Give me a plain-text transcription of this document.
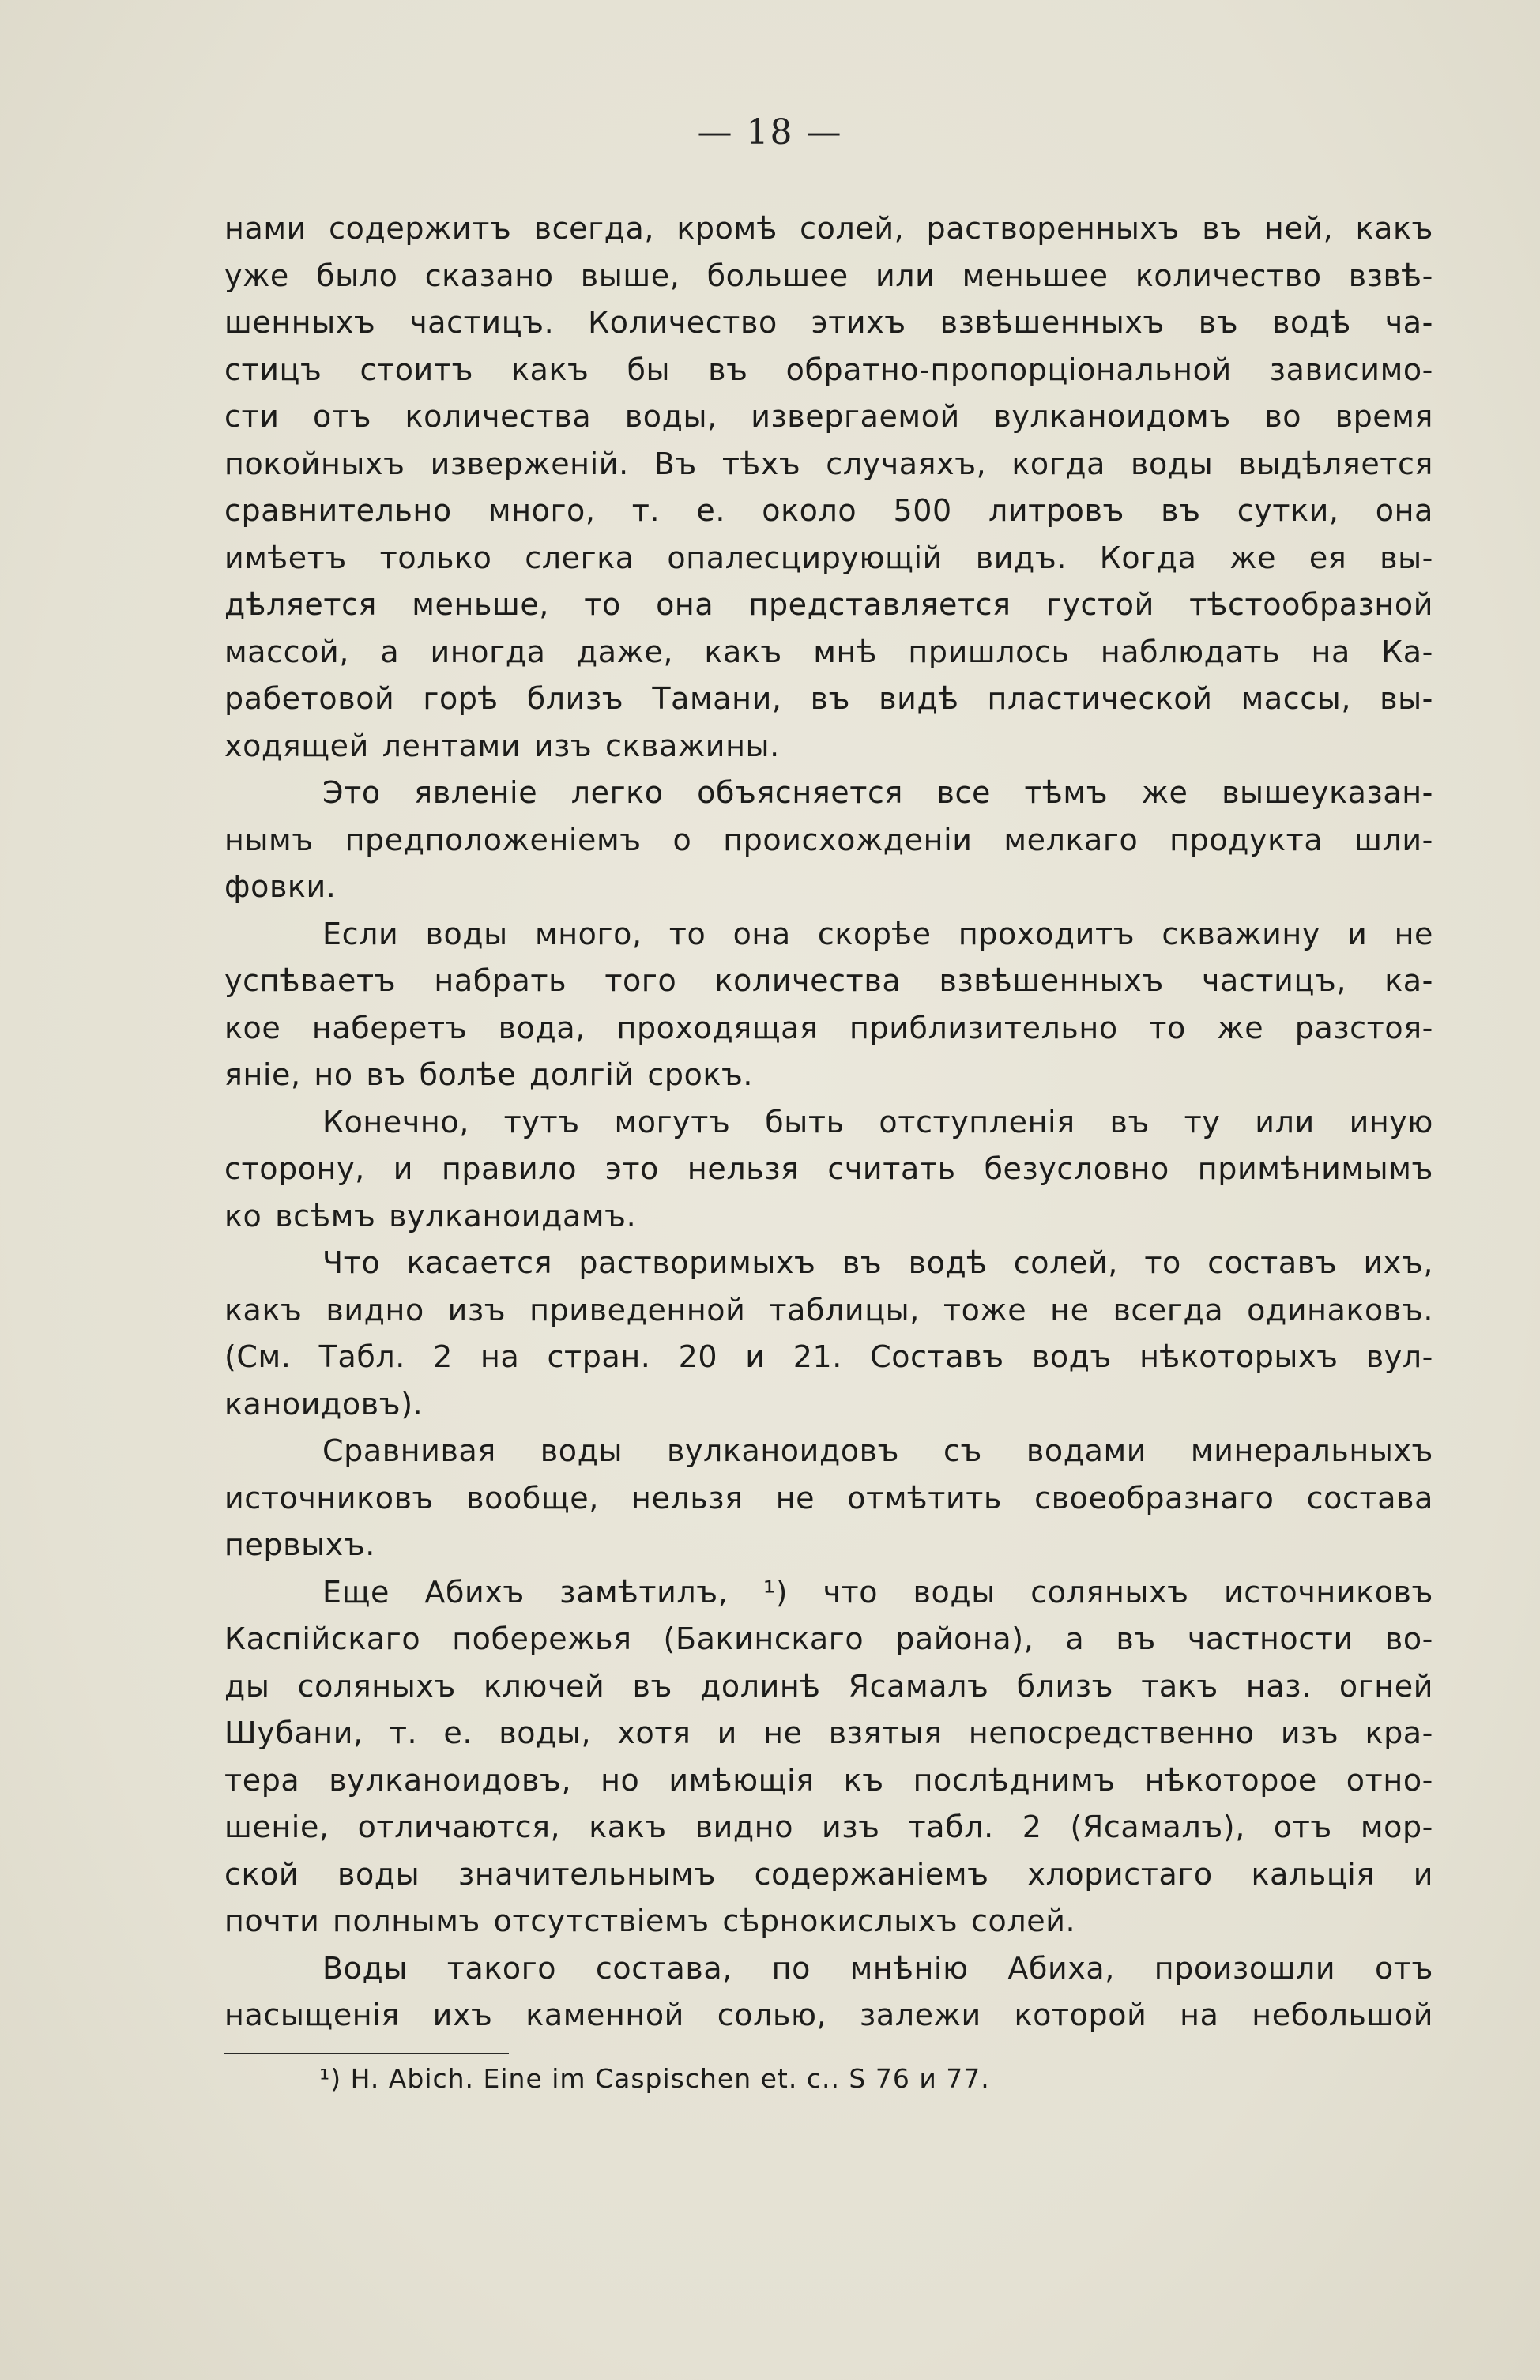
— 18 —
нами содержитъ всегда, кромѣ солей, растворенныхъ въ ней, какъ
уже было сказано выше, большее или меньшее количество взвѣ-
шенныхъ частицъ. Количество этихъ взвѣшенныхъ въ водѣ ча-
стицъ стоитъ какъ бы въ обратно-пропорціональной зависимо-
сти отъ количества воды, извергаемой вулканоидомъ во время
покойныхъ изверженій. Въ тѣхъ случаяхъ, когда воды выдѣляется
сравнительно много, т. е. около 500 литровъ въ сутки, она
имѣетъ только слегка опалесцирующій видъ. Когда же ея вы-
дѣляется меньше, то она представляется густой тѣстообразной
массой, а иногда даже, какъ мнѣ пришлось наблюдать на Ка-
рабетовой горѣ близъ Тамани, въ видѣ пластической массы, вы-
ходящей лентами изъ скважины.
Это явленіе легко объясняется все тѣмъ же вышеуказан-
нымъ предположеніемъ о происхожденіи мелкаго продукта шли-
фовки.
Если воды много, то она скорѣе проходитъ скважину и не
успѣваетъ набрать того количества взвѣшенныхъ частицъ, ка-
кое наберетъ вода, проходящая приблизительно то же разстоя-
яніе, но въ болѣе долгій срокъ.
Конечно, тутъ могутъ быть отступленія въ ту или иную
сторону, и правило это нельзя считать безусловно примѣнимымъ
ко всѣмъ вулканоидамъ.
Что касается растворимыхъ въ водѣ солей, то составъ ихъ,
какъ видно изъ приведенной таблицы, тоже не всегда одинаковъ.
(См. Табл. 2 на стран. 20 и 21. Составъ водъ нѣкоторыхъ вул-
каноидовъ).
Сравнивая воды вулканоидовъ съ водами минеральныхъ
источниковъ вообще, нельзя не отмѣтить своеобразнаго состава
первыхъ.
Еще Абихъ замѣтилъ, ¹) что воды соляныхъ источниковъ
Каспійскаго побережья (Бакинскаго района), а въ частности во-
ды соляныхъ ключей въ долинѣ Ясамалъ близъ такъ наз. огней
Шубани, т. е. воды, хотя и не взятыя непосредственно изъ кра-
тера вулканоидовъ, но имѣющія къ послѣднимъ нѣкоторое отно-
шеніе, отличаются, какъ видно изъ табл. 2 (Ясамалъ), отъ мор-
ской воды значительнымъ содержаніемъ хлористаго кальція и
почти полнымъ отсутствіемъ сѣрнокислыхъ солей.
Воды такого состава, по мнѣнію Абиха, произошли отъ
насыщенія ихъ каменной солью, залежи которой на небольшой
¹) H. Abich. Eine im Caspischen et. c.. S 76 и 77.
